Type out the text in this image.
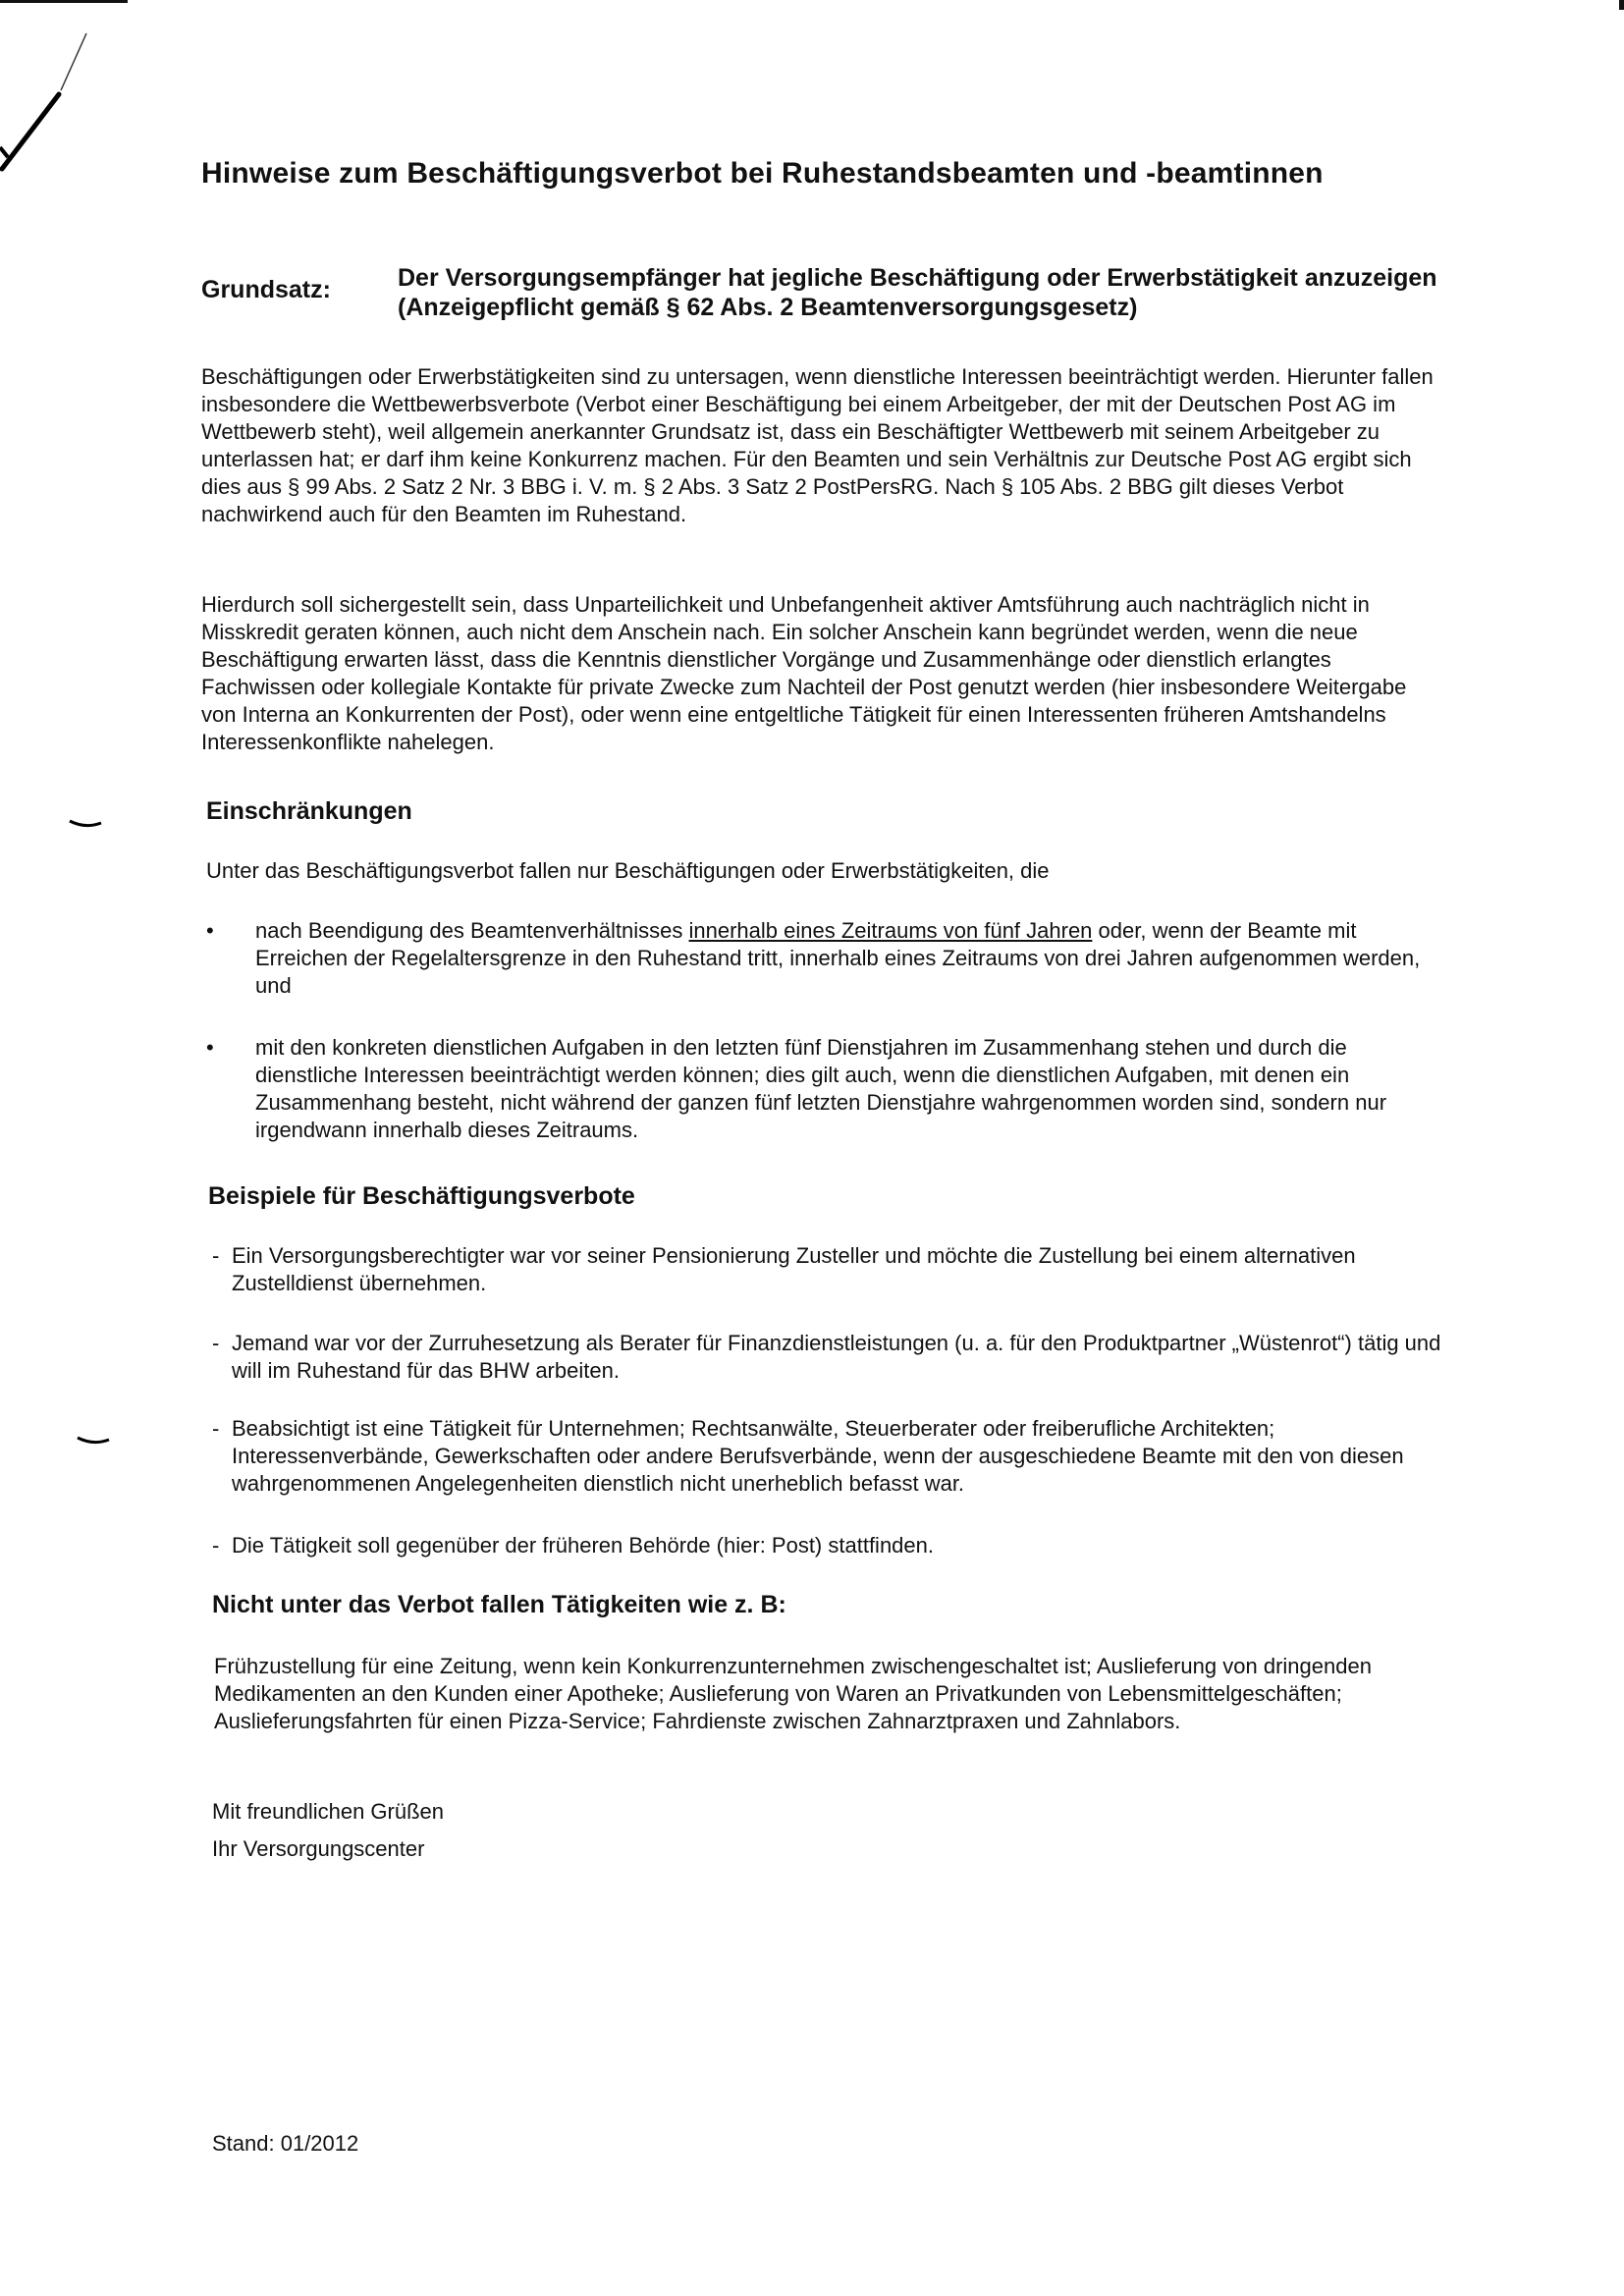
Hinweise zum Beschäftigungsverbot bei Ruhestandsbeamten und -beamtinnen
Grundsatz:	Der Versorgungsempfänger hat jegliche Beschäftigung oder Erwerbstätigkeit anzuzeigen (Anzeigepflicht gemäß § 62 Abs. 2 Beamtenversorgungsgesetz)
Beschäftigungen oder Erwerbstätigkeiten sind zu untersagen, wenn dienstliche Interessen beeinträchtigt werden. Hierunter fallen insbesondere die Wettbewerbsverbote (Verbot einer Beschäftigung bei einem Arbeitgeber, der mit der Deutschen Post AG im Wettbewerb steht), weil allgemein anerkannter Grundsatz ist, dass ein Beschäftigter Wettbewerb mit seinem Arbeitgeber zu unterlassen hat; er darf ihm keine Konkurrenz machen. Für den Beamten und sein Verhältnis zur Deutsche Post AG ergibt sich dies aus § 99 Abs. 2 Satz 2 Nr. 3 BBG i. V. m. § 2 Abs. 3 Satz 2 PostPersRG. Nach § 105 Abs. 2 BBG gilt dieses Verbot nachwirkend auch für den Beamten im Ruhestand.
Hierdurch soll sichergestellt sein, dass Unparteilichkeit und Unbefangenheit aktiver Amtsführung auch nachträglich nicht in Misskredit geraten können, auch nicht dem Anschein nach. Ein solcher Anschein kann begründet werden, wenn die neue Beschäftigung erwarten lässt, dass die Kenntnis dienstlicher Vorgänge und Zusammenhänge oder dienstlich erlangtes Fachwissen oder kollegiale Kontakte für private Zwecke zum Nachteil der Post genutzt werden (hier insbesondere Weitergabe von Interna an Konkurrenten der Post), oder wenn eine entgeltliche Tätigkeit für einen Interessenten früheren Amtshandelns Interessenkonflikte nahelegen.
Einschränkungen
Unter das Beschäftigungsverbot fallen nur Beschäftigungen oder Erwerbstätigkeiten, die
• nach Beendigung des Beamtenverhältnisses innerhalb eines Zeitraums von fünf Jahren oder, wenn der Beamte mit Erreichen der Regelaltersgrenze in den Ruhestand tritt, innerhalb eines Zeitraums von drei Jahren aufgenommen werden, und
• mit den konkreten dienstlichen Aufgaben in den letzten fünf Dienstjahren im Zusammenhang stehen und durch die dienstliche Interessen beeinträchtigt werden können; dies gilt auch, wenn die dienstlichen Aufgaben, mit denen ein Zusammenhang besteht, nicht während der ganzen fünf letzten Dienstjahre wahrgenommen worden sind, sondern nur irgendwann innerhalb dieses Zeitraums.
Beispiele für Beschäftigungsverbote
- Ein Versorgungsberechtigter war vor seiner Pensionierung Zusteller und möchte die Zustellung bei einem alternativen Zustelldienst übernehmen.
- Jemand war vor der Zurruhesetzung als Berater für Finanzdienstleistungen (u. a. für den Produktpartner „Wüstenrot“) tätig und will im Ruhestand für das BHW arbeiten.
- Beabsichtigt ist eine Tätigkeit für Unternehmen; Rechtsanwälte, Steuerberater oder freiberufliche Architekten; Interessenverbände, Gewerkschaften oder andere Berufsverbände, wenn der ausgeschiedene Beamte mit den von diesen wahrgenommenen Angelegenheiten dienstlich nicht unerheblich befasst war.
- Die Tätigkeit soll gegenüber der früheren Behörde (hier: Post) stattfinden.
Nicht unter das Verbot fallen Tätigkeiten wie z. B:
Frühzustellung für eine Zeitung, wenn kein Konkurrenzunternehmen zwischengeschaltet ist; Auslieferung von dringenden Medikamenten an den Kunden einer Apotheke; Auslieferung von Waren an Privatkunden von Lebensmittelgeschäften; Auslieferungsfahrten für einen Pizza-Service; Fahrdienste zwischen Zahnarztpraxen und Zahnlabors.
Mit freundlichen Grüßen
Ihr Versorgungscenter
Stand: 01/2012
